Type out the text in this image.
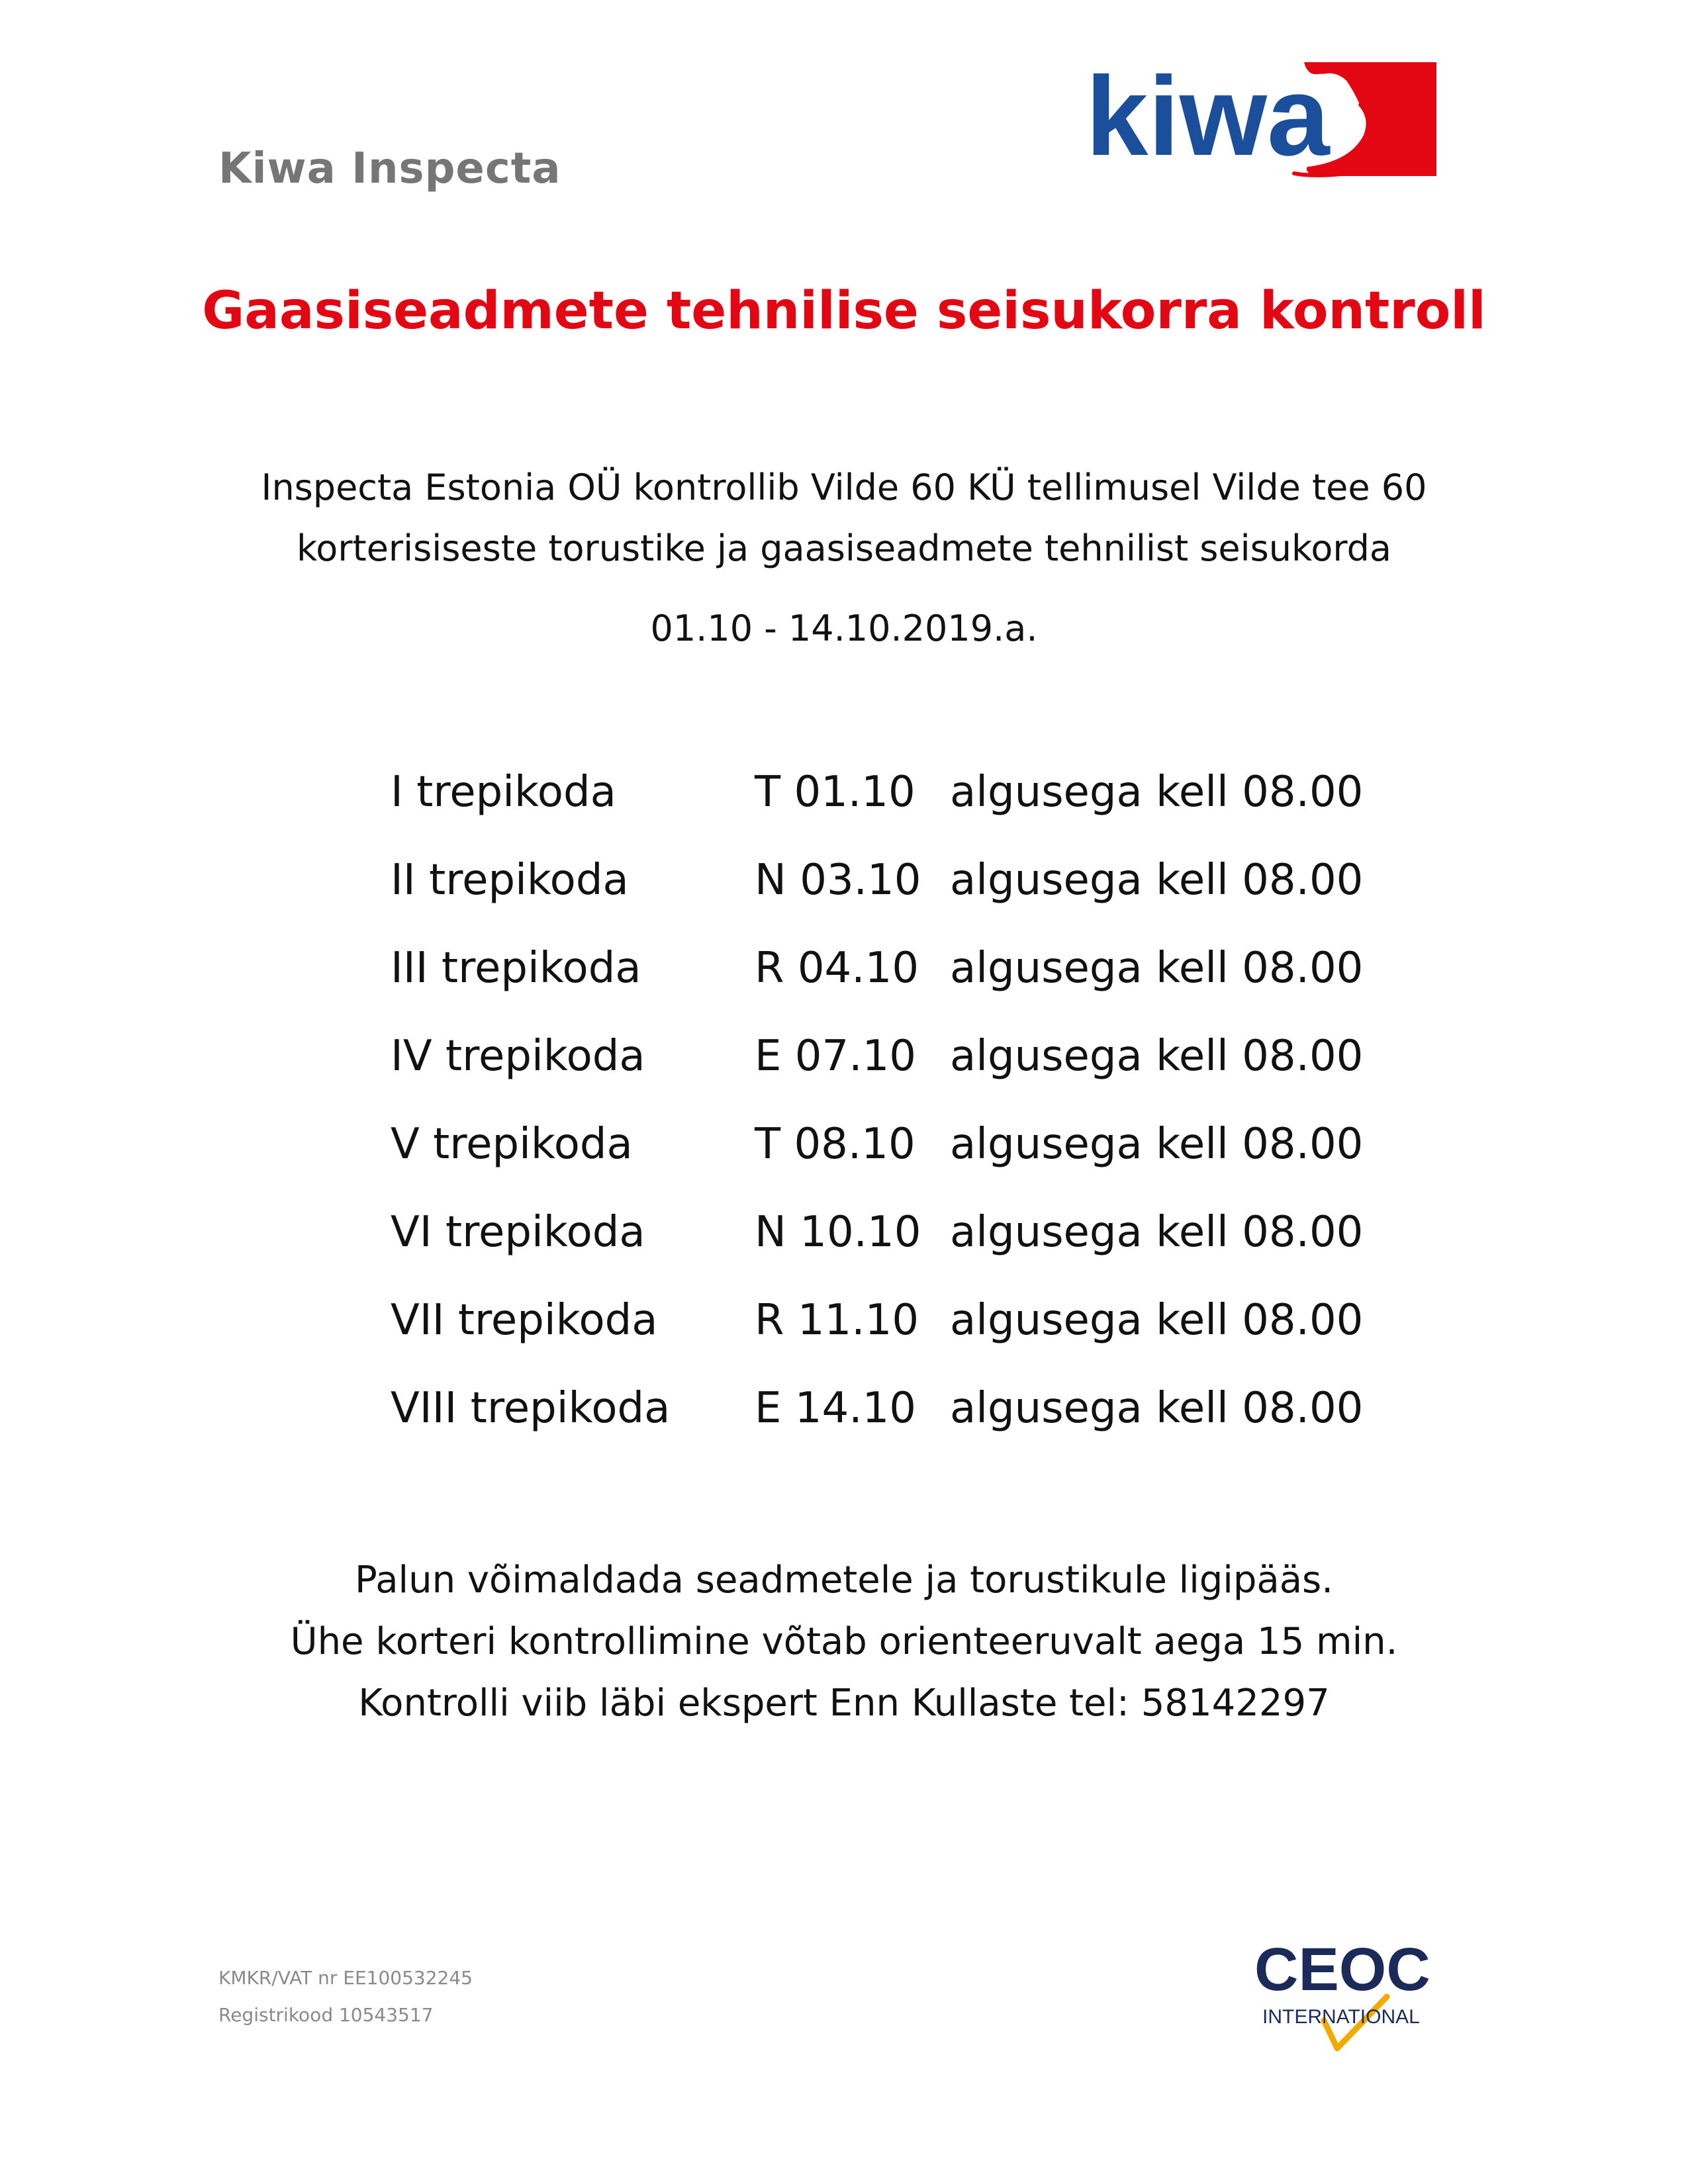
Kiwa Inspecta	kiwa
Gaasiseadmete tehnilise seisukorra kontroll
Inspecta Estonia OÜ kontrollib Vilde 60 KÜ tellimusel Vilde tee 60
korterisiseste torustike ja gaasiseadmete tehnilist seisukorda
01.10 - 14.10.2019.a.
I trepikoda	T 01.10 algusega kell 08.00
II trepikoda	N 03.10 algusega kell 08.00
III trepikoda	R 04.10 algusega kell 08.00
IV trepikoda	E 07.10 algusega kell 08.00
V trepikoda	T 08.10 algusega kell 08.00
VI trepikoda	N 10.10 algusega kell 08.00
VII trepikoda R 11.10 algusega kell 08.00
VIII trepikoda E 14.10 algusega kell 08.00
Palun võimaldada seadmetele ja torustikule ligipääs.
Ühe korteri kontrollimine võtab orienteeruvalt aega 15 min.
Kontrolli viib läbi ekspert Enn Kullaste tel: 58142297
KMKR/VAT nr EE100532245
Registrikood 10543517
CEOC
INTERNATIONAL
